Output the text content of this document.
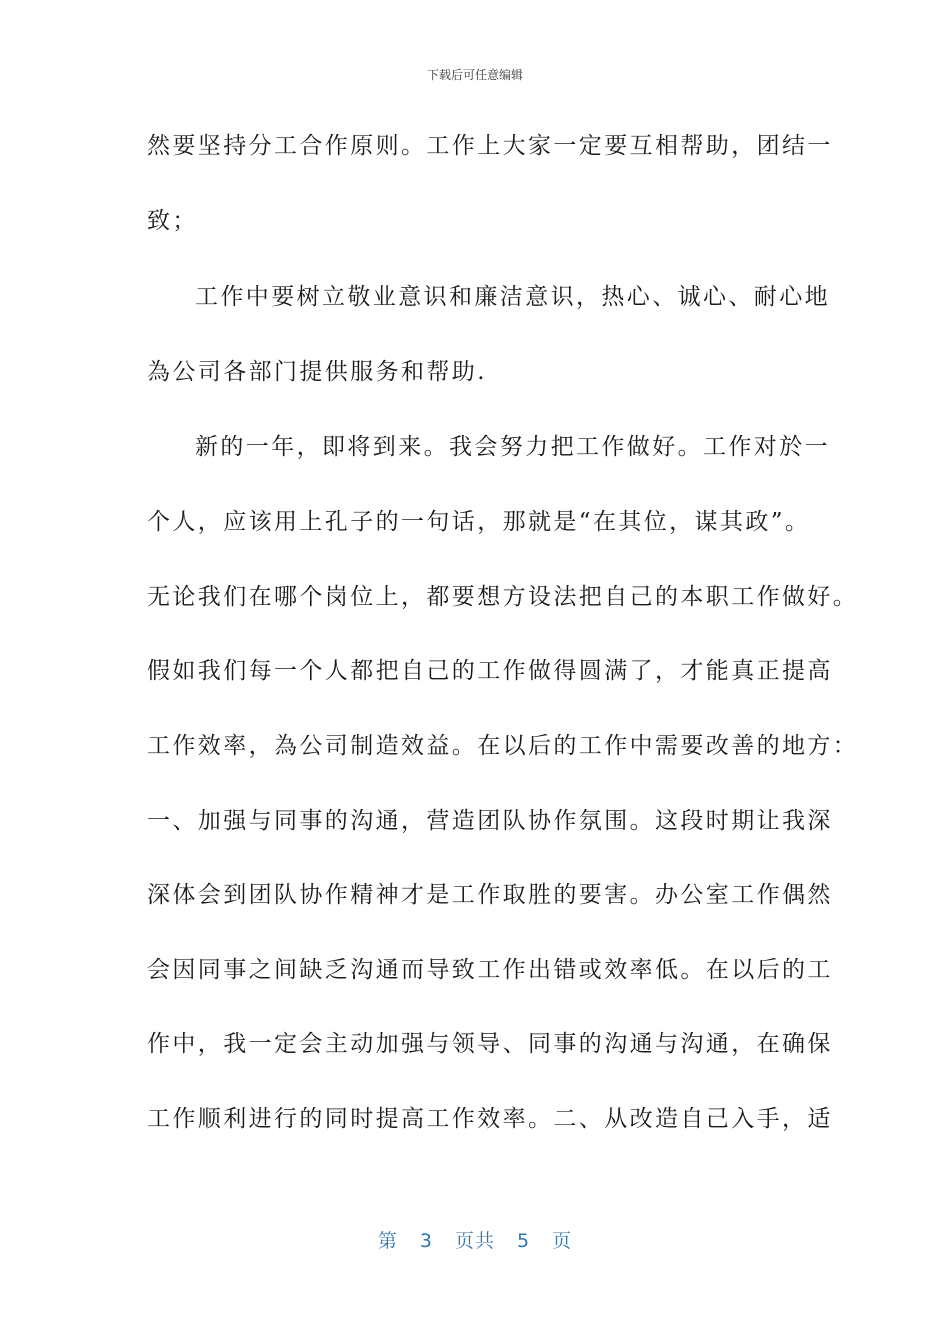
下载后可任意编辑
然要坚持分工合作原则。工作上大家一定要互相帮助，团结一
致；
工作中要树立敬业意识和廉洁意识，热心、诚心、耐心地
為公司各部门提供服务和帮助.
新的一年，即将到来。我会努力把工作做好。工作对於一
个人，应该用上孔子的一句话，那就是“在其位，谋其政”。
无论我们在哪个岗位上，都要想方设法把自己的本职工作做好。
假如我们每一个人都把自己的工作做得圆满了，才能真正提高
工作效率，為公司制造效益。在以后的工作中需要改善的地方：
一、加强与同事的沟通，营造团队协作氛围。这段时期让我深
深体会到团队协作精神才是工作取胜的要害。办公室工作偶然
会因同事之间缺乏沟通而导致工作出错或效率低。在以后的工
作中，我一定会主动加强与领导、同事的沟通与沟通，在确保
工作顺利进行的同时提高工作效率。二、从改造自己入手，适
第 3 页共 5 页
